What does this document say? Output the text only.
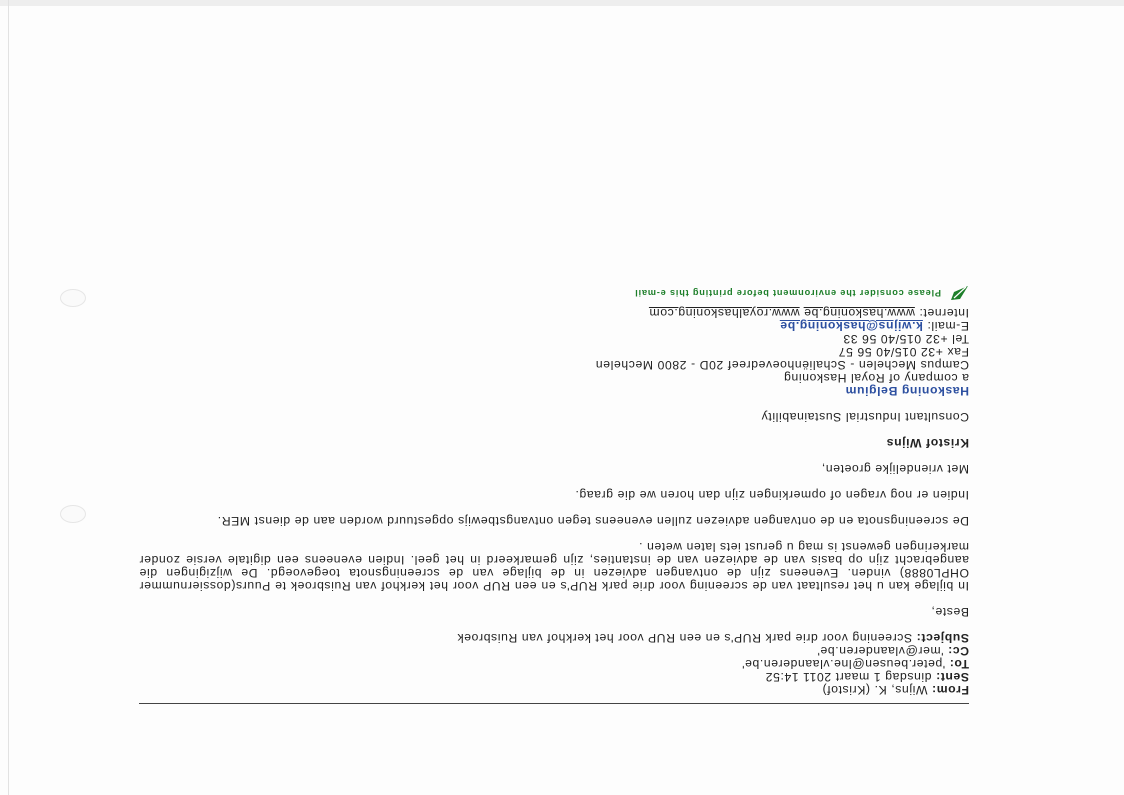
From: Wijns, K. (Kristof)
Sent: dinsdag 1 maart 2011 14:52
To: 'peter.beusen@lne.vlaanderen.be'
Cc: 'mer@vlaanderen.be'
Subject: Screening voor drie park RUP's en een RUP voor het kerkhof van Ruisbroek

Beste,

In bijlage kan u het resultaat van de screening voor drie park RUP's en een RUP voor het kerkhof van Ruisbroek te Puurs(dossiernummer OHPL0888) vinden. Eveneens zijn de ontvangen adviezen in de bijlage van de screeningsnota toegevoegd. De wijzigingen die aangebracht zijn op basis van de adviezen van de instanties, zijn gemarkeerd in het geel. Indien eveneens een digitale versie zonder markeringen gewenst is mag u gerust iets laten weten .

De screeningsnota en de ontvangen adviezen zullen eveneens tegen ontvangstbewijs opgestuurd worden aan de dienst MER.

Indien er nog vragen of opmerkingen zijn dan horen we die graag.

Met vriendelijke groeten,

Kristof Wijns

Consultant Industrial Sustainability

Haskoning Belgium

a company of Royal Haskoning

Campus Mechelen - Schaliënhoevedreef 20D - 2800 Mechelen

Fax +32 015/40 56 57

Tel +32 015/40 56 33

E-mail: k.wijns@haskoning.be

Internet: www.haskoning.be www.royalhaskoning.com

Please consider the environment before printing this e-mail
